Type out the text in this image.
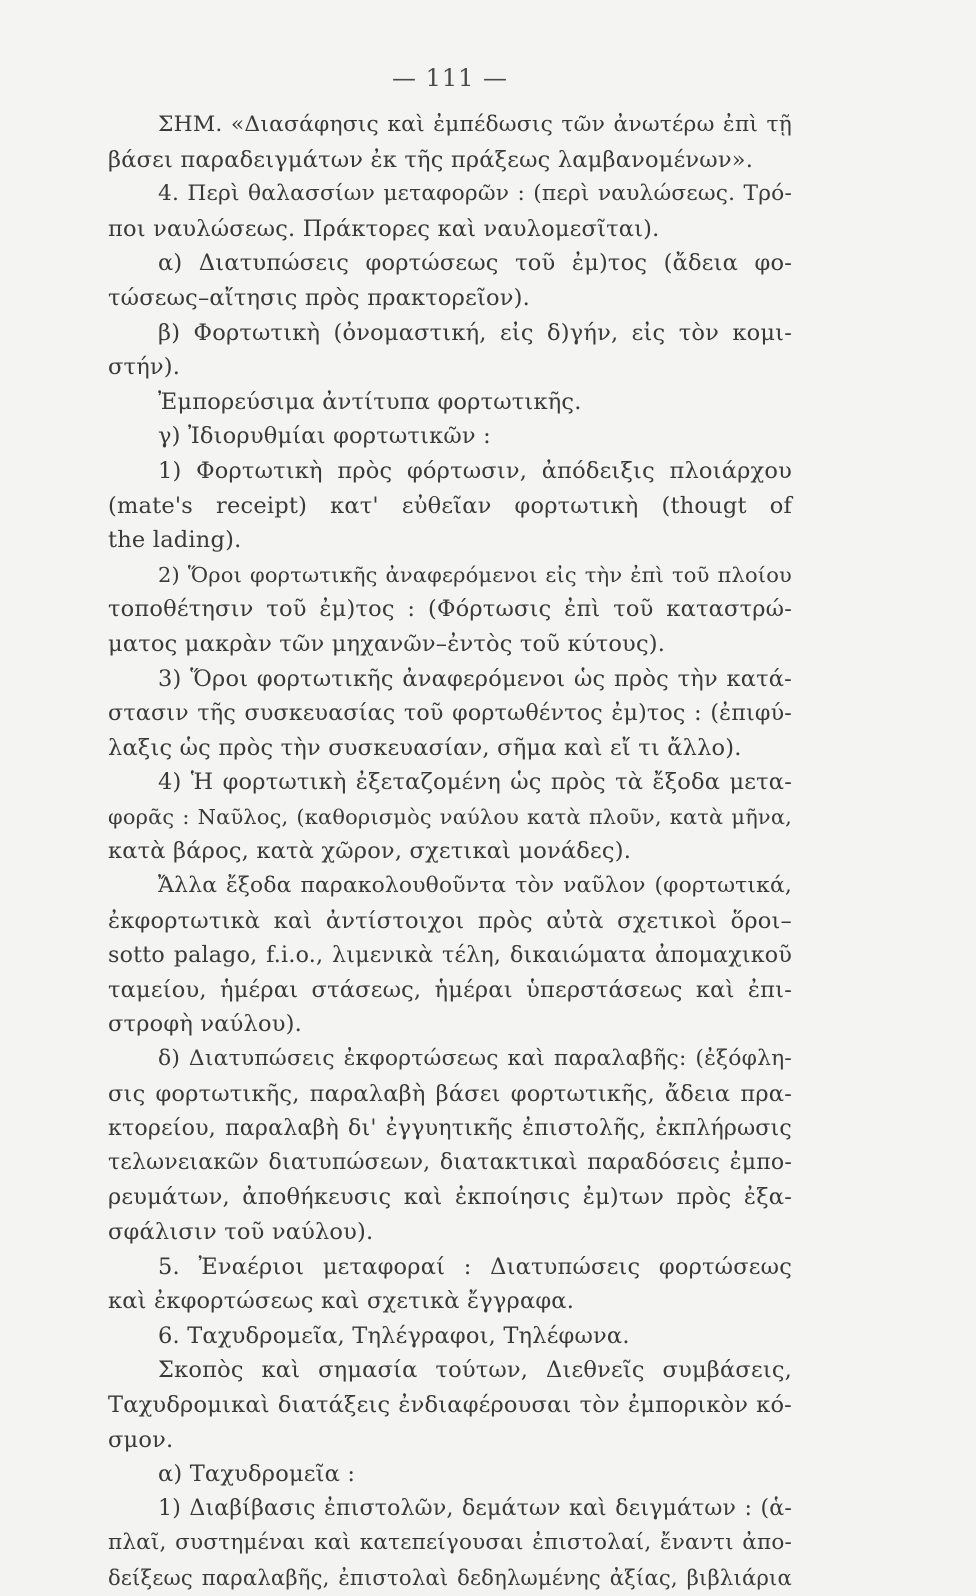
— 111 —
ΣΗΜ. «Διασάφησις καὶ ἐμπέδωσις τῶν ἀνωτέρω ἐπὶ τῇ
βάσει παραδειγμάτων ἐκ τῆς πράξεως λαμβανομένων».
4. Περὶ θαλασσίων μεταφορῶν : (περὶ ναυλώσεως. Τρό-
ποι ναυλώσεως. Πράκτορες καὶ ναυλομεσῖται).
α) Διατυπώσεις φορτώσεως τοῦ ἐμ)τος (ἄδεια φο-
τώσεως–αἴτησις πρὸς πρακτορεῖον).
β) Φορτωτικὴ (ὀνομαστική, εἰς δ)γήν, εἰς τὸν κομι-
στήν).
Ἐμπορεύσιμα ἀντίτυπα φορτωτικῆς.
γ) Ἰδιορυθμίαι φορτωτικῶν :
1) Φορτωτικὴ πρὸς φόρτωσιν, ἀπόδειξις πλοιάρχου
(mate's receipt) κατ' εὐθεῖαν φορτωτικὴ (thougt of
the lading).
2) Ὅροι φορτωτικῆς ἀναφερόμενοι εἰς τὴν ἐπὶ τοῦ πλοίου
τοποθέτησιν τοῦ ἐμ)τος : (Φόρτωσις ἐπὶ τοῦ καταστρώ-
ματος μακρὰν τῶν μηχανῶν–ἐντὸς τοῦ κύτους).
3) Ὅροι φορτωτικῆς ἀναφερόμενοι ὡς πρὸς τὴν κατά-
στασιν τῆς συσκευασίας τοῦ φορτωθέντος ἐμ)τος : (ἐπιφύ-
λαξις ὡς πρὸς τὴν συσκευασίαν, σῆμα καὶ εἴ τι ἄλλο).
4) Ἡ φορτωτικὴ ἐξεταζομένη ὡς πρὸς τὰ ἔξοδα μετα-
φορᾶς : Ναῦλος, (καθορισμὸς ναύλου κατὰ πλοῦν, κατὰ μῆνα,
κατὰ βάρος, κατὰ χῶρον, σχετικαὶ μονάδες).
Ἄλλα ἔξοδα παρακολουθοῦντα τὸν ναῦλον (φορτωτικά,
ἐκφορτωτικὰ καὶ ἀντίστοιχοι πρὸς αὐτὰ σχετικοὶ ὅροι–
sotto palago, f.i.o., λιμενικὰ τέλη, δικαιώματα ἀπομαχικοῦ
ταμείου, ἡμέραι στάσεως, ἡμέραι ὑπερστάσεως καὶ ἐπι-
στροφὴ ναύλου).
δ) Διατυπώσεις ἐκφορτώσεως καὶ παραλαβῆς: (ἐξόφλη-
σις φορτωτικῆς, παραλαβὴ βάσει φορτωτικῆς, ἄδεια πρα-
κτορείου, παραλαβὴ δι' ἐγγυητικῆς ἐπιστολῆς, ἐκπλήρωσις
τελωνειακῶν διατυπώσεων, διατακτικαὶ παραδόσεις ἐμπο-
ρευμάτων, ἀποθήκευσις καὶ ἐκποίησις ἐμ)των πρὸς ἐξα-
σφάλισιν τοῦ ναύλου).
5. Ἐναέριοι μεταφοραί : Διατυπώσεις φορτώσεως
καὶ ἐκφορτώσεως καὶ σχετικὰ ἔγγραφα.
6. Ταχυδρομεῖα, Τηλέγραφοι, Τηλέφωνα.
Σκοπὸς καὶ σημασία τούτων, Διεθνεῖς συμβάσεις,
Ταχυδρομικαὶ διατάξεις ἐνδιαφέρουσαι τὸν ἐμπορικὸν κό-
σμον.
α) Ταχυδρομεῖα :
1) Διαβίβασις ἐπιστολῶν, δεμάτων καὶ δειγμάτων : (ἁ-
πλαῖ, συστημέναι καὶ κατεπείγουσαι ἐπιστολαί, ἔναντι ἀπο-
δείξεως παραλαβῆς, ἐπιστολαὶ δεδηλωμένης ἀξίας, βιβλιάρια
